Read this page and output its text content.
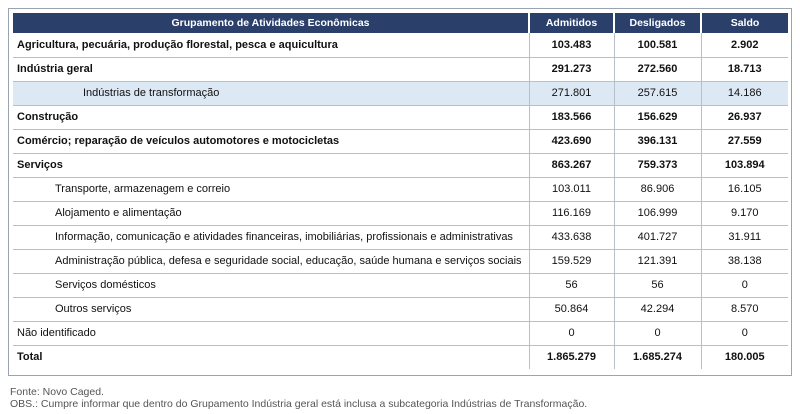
Grupamento de Atividades Econômicas	Admitidos	Desligados	Saldo
Agricultura, pecuária, produção florestal, pesca e aquicultura	103.483	100.581	2.902
Indústria geral	291.273	272.560	18.713
Indústrias de transformação	271.801	257.615	14.186
Construção	183.566	156.629	26.937
Comércio; reparação de veículos automotores e motocicletas	423.690	396.131	27.559
Serviços	863.267	759.373	103.894
Transporte, armazenagem e correio	103.011	86.906	16.105
Alojamento e alimentação	116.169	106.999	9.170
Informação, comunicação e atividades financeiras, imobiliárias, profissionais e administrativas	433.638	401.727	31.911
Administração pública, defesa e seguridade social, educação, saúde humana e serviços sociais	159.529	121.391	38.138
Serviços domésticos	56	56	0
Outros serviços	50.864	42.294	8.570
Não identificado	0	0	0
Total	1.865.279	1.685.274	180.005
Fonte: Novo Caged.
OBS.: Cumpre informar que dentro do Grupamento Indústria geral está inclusa a subcategoria Indústrias de Transformação.
